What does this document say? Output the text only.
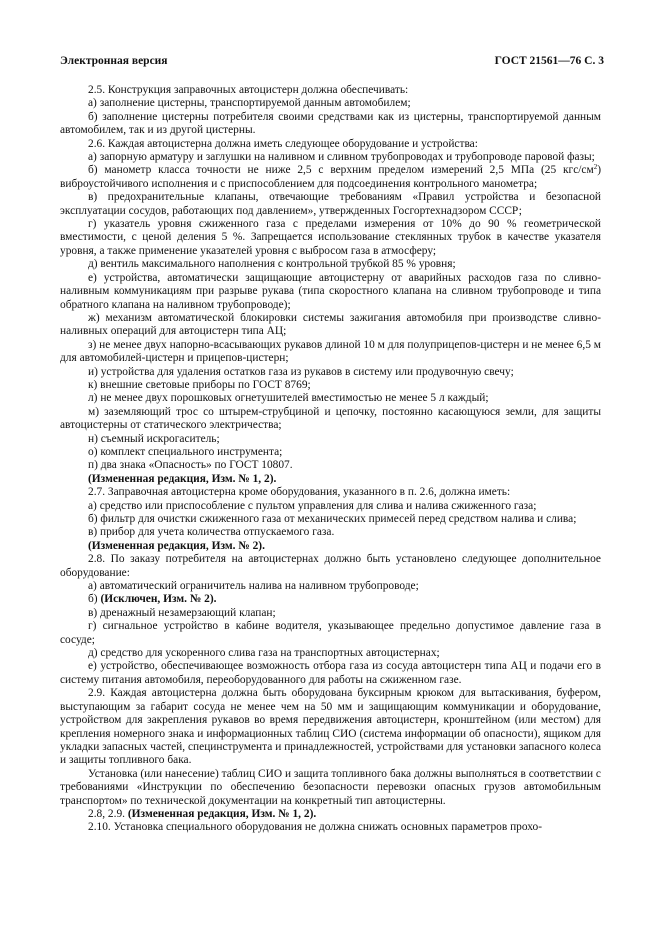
Электронная версия	ГОСТ 21561—76 С. 3

2.5. Конструкция заправочных автоцистерн должна обеспечивать:

а) заполнение цистерны, транспортируемой данным автомобилем;

б) заполнение цистерны потребителя своими средствами как из цистерны, транспортируемой данным автомобилем, так и из другой цистерны.

2.6. Каждая автоцистерна должна иметь следующее оборудование и устройства:

а) запорную арматуру и заглушки на наливном и сливном трубопроводах и трубопроводе паровой фазы;

б) манометр класса точности не ниже 2,5 с верхним пределом измерений 2,5 МПа (25 кгс/$см^2$) виброустойчивого исполнения и с приспособлением для подсоединения контрольного манометра;

в) предохранительные клапаны, отвечающие требованиям «Правил устройства и безопасной эксплуатации сосудов, работающих под давлением», утвержденных Госгортехнадзором СССР;

г) указатель уровня сжиженного газа с пределами измерения от 10% до 90 % геометрической вместимости, с ценой деления 5 %. Запрещается использование стеклянных трубок в качестве указателя уровня, а также применение указателей уровня с выбросом газа в атмосферу;

д) вентиль максимального наполнения с контрольной трубкой 85 % уровня;

е) устройства, автоматически защищающие автоцистерну от аварийных расходов газа по сливно-наливным коммуникациям при разрыве рукава (типа скоростного клапана на сливном трубопроводе и типа обратного клапана на наливном трубопроводе);

ж) механизм автоматической блокировки системы зажигания автомобиля при производстве сливно-наливных операций для автоцистерн типа АЦ;

з) не менее двух напорно-всасывающих рукавов длиной 10 м для полуприцепов-цистерн и не менее 6,5 м для автомобилей-цистерн и прицепов-цистерн;

и) устройства для удаления остатков газа из рукавов в систему или продувочную свечу;

к) внешние световые приборы по ГОСТ 8769;

л) не менее двух порошковых огнетушителей вместимостью не менее 5 л каждый;

м) заземляющий трос со штырем-струбциной и цепочку, постоянно касающуюся земли, для защиты автоцистерны от статического электричества;

н) съемный искрогаситель;

о) комплект специального инструмента;

п) два знака «Опасность» по ГОСТ 10807.

(Измененная редакция, Изм. № 1, 2).

2.7. Заправочная автоцистерна кроме оборудования, указанного в п. 2.6, должна иметь:

а) средство или приспособление с пультом управления для слива и налива сжиженного газа;

б) фильтр для очистки сжиженного газа от механических примесей перед средством налива и слива;

в) прибор для учета количества отпускаемого газа.

(Измененная редакция, Изм. № 2).

2.8. По заказу потребителя на автоцистернах должно быть установлено следующее дополнительное оборудование:

а) автоматический ограничитель налива на наливном трубопроводе;

б) (Исключен, Изм. № 2).

в) дренажный незамерзающий клапан;

г) сигнальное устройство в кабине водителя, указывающее предельно допустимое давление газа в сосуде;

д) средство для ускоренного слива газа на транспортных автоцистернах;

е) устройство, обеспечивающее возможность отбора газа из сосуда автоцистерн типа АЦ и подачи его в систему питания автомобиля, переоборудованного для работы на сжиженном газе.

2.9. Каждая автоцистерна должна быть оборудована буксирным крюком для вытаскивания, буфером, выступающим за габарит сосуда не менее чем на 50 мм и защищающим коммуникации и оборудование, устройством для закрепления рукавов во время передвижения автоцистерн, кронштейном (или местом) для крепления номерного знака и информационных таблиц СИО (система информации об опасности), ящиком для укладки запасных частей, специнструмента и принадлежностей, устройствами для установки запасного колеса и защиты топливного бака.

Установка (или нанесение) таблиц СИО и защита топливного бака должны выполняться в соответствии с требованиями «Инструкции по обеспечению безопасности перевозки опасных грузов автомобильным транспортом» по технической документации на конкретный тип автоцистерны.

2.8, 2.9. (Измененная редакция, Изм. № 1, 2).

2.10. Установка специального оборудования не должна снижать основных параметров прохо-
